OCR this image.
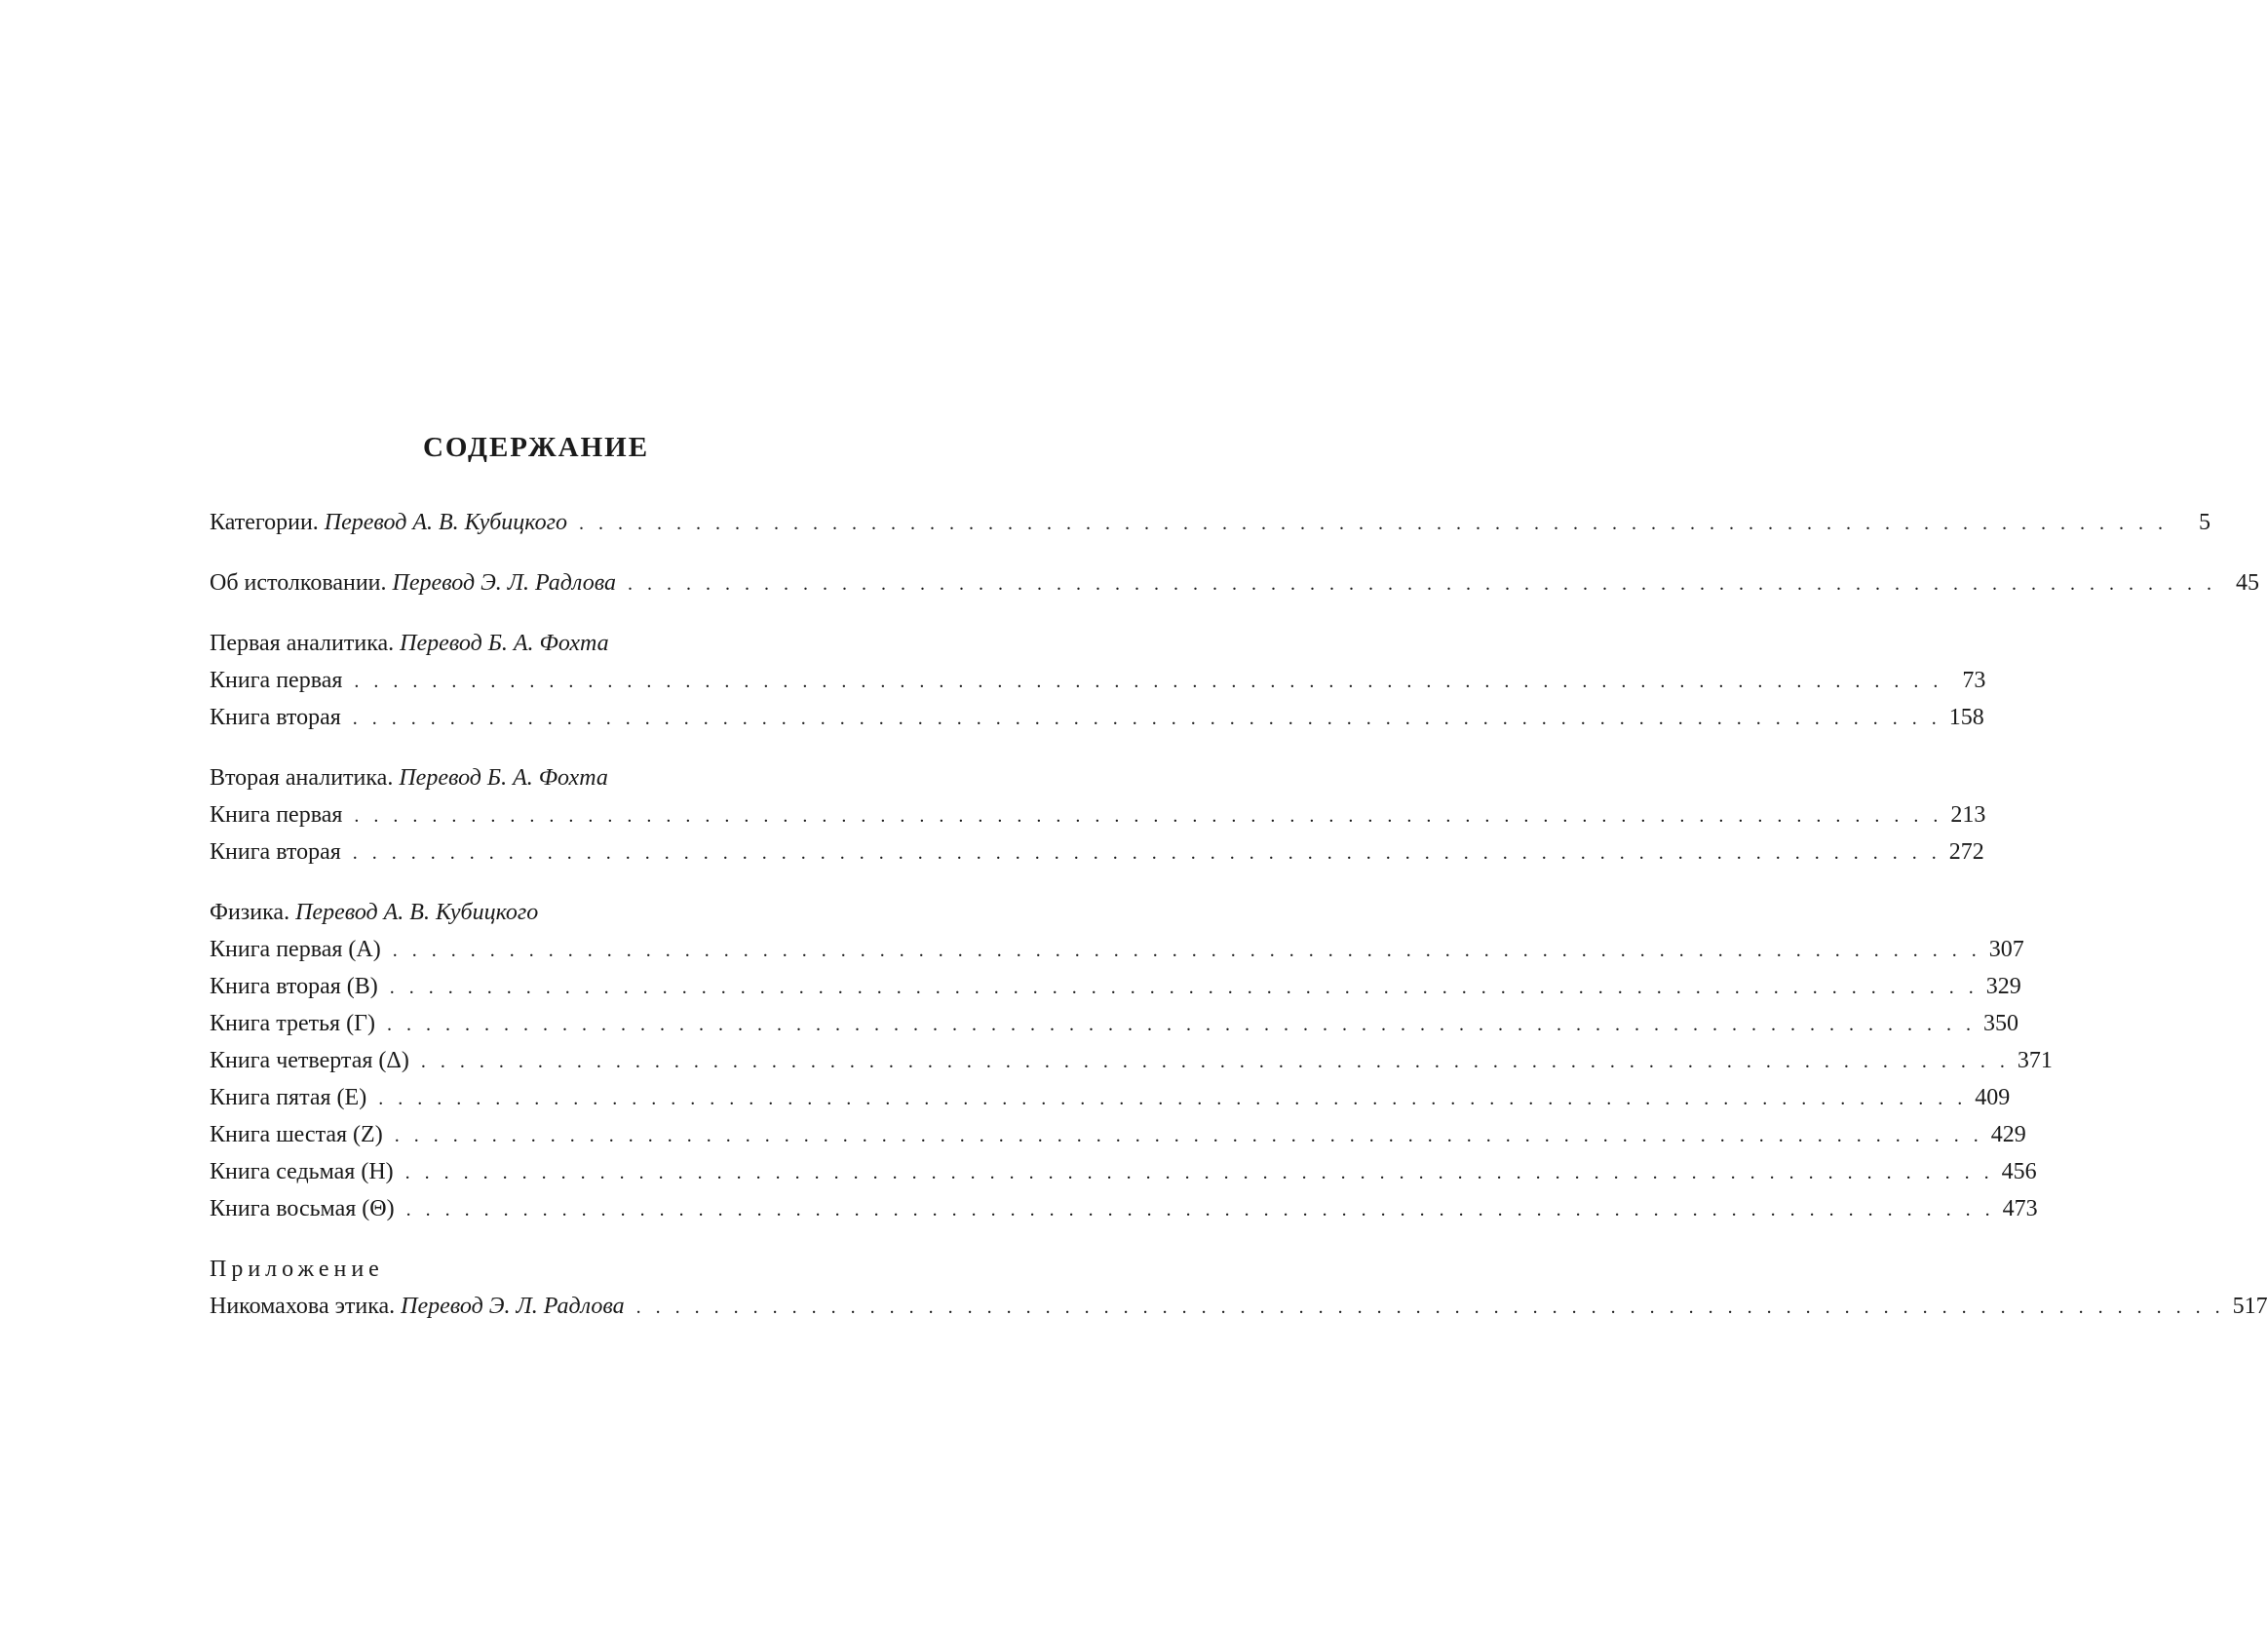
СОДЕРЖАНИЕ
Категории. Перевод А. В. Кубицкого . . . . . . . . . . . . . . . . . . . . . . . . . . . . . . . . . . . . . . . . . . . . . . . . . . . . . . . . . . . . . . . . . . . . . . . . . . . . . . . . . .	5
Об истолковании. Перевод Э. Л. Радлова . . . . . . . . . . . . . . . . . . . . . . . . . . . . . . . . . . . . . . . . . . . . . . . . . . . . . . . . . . . . . . . . . . . . . . . . . . . . . . . . . . 45
Первая аналитика. Перевод Б. А. Фохта
Книга первая . . . . . . . . . . . . . . . . . . . . . . . . . . . . . . . . . . . . . . . . . . . . . . . . . . . . . . . . . . . . . . . . . . . . . . . . . . . . . . . . . . 73
Книга вторая . . . . . . . . . . . . . . . . . . . . . . . . . . . . . . . . . . . . . . . . . . . . . . . . . . . . . . . . . . . . . . . . . . . . . . . . . . . . . . . . . . 158
Вторая аналитика. Перевод Б. А. Фохта
Книга первая . . . . . . . . . . . . . . . . . . . . . . . . . . . . . . . . . . . . . . . . . . . . . . . . . . . . . . . . . . . . . . . . . . . . . . . . . . . . . . . . . . 213
Книга вторая . . . . . . . . . . . . . . . . . . . . . . . . . . . . . . . . . . . . . . . . . . . . . . . . . . . . . . . . . . . . . . . . . . . . . . . . . . . . . . . . . . 272
Физика. Перевод А. В. Кубицкого
Книга первая (А) . . . . . . . . . . . . . . . . . . . . . . . . . . . . . . . . . . . . . . . . . . . . . . . . . . . . . . . . . . . . . . . . . . . . . . . . . . . . . . . . . . 307
Книга вторая (В) . . . . . . . . . . . . . . . . . . . . . . . . . . . . . . . . . . . . . . . . . . . . . . . . . . . . . . . . . . . . . . . . . . . . . . . . . . . . . . . . . . 329
Книга третья (Г) . . . . . . . . . . . . . . . . . . . . . . . . . . . . . . . . . . . . . . . . . . . . . . . . . . . . . . . . . . . . . . . . . . . . . . . . . . . . . . . . . . 350
Книга четвертая (Δ) . . . . . . . . . . . . . . . . . . . . . . . . . . . . . . . . . . . . . . . . . . . . . . . . . . . . . . . . . . . . . . . . . . . . . . . . . . . . . . . . . . 371
Книга пятая (Е) . . . . . . . . . . . . . . . . . . . . . . . . . . . . . . . . . . . . . . . . . . . . . . . . . . . . . . . . . . . . . . . . . . . . . . . . . . . . . . . . . . 409
Книга шестая (Z) . . . . . . . . . . . . . . . . . . . . . . . . . . . . . . . . . . . . . . . . . . . . . . . . . . . . . . . . . . . . . . . . . . . . . . . . . . . . . . . . . . 429
Книга седьмая (Н) . . . . . . . . . . . . . . . . . . . . . . . . . . . . . . . . . . . . . . . . . . . . . . . . . . . . . . . . . . . . . . . . . . . . . . . . . . . . . . . . . . 456
Книга восьмая (Θ) . . . . . . . . . . . . . . . . . . . . . . . . . . . . . . . . . . . . . . . . . . . . . . . . . . . . . . . . . . . . . . . . . . . . . . . . . . . . . . . . . . 473
Приложение
Никомахова этика. Перевод Э. Л. Радлова . . . . . . . . . . . . . . . . . . . . . . . . . . . . . . . . . . . . . . . . . . . . . . . . . . . . . . . . . . . . . . . . . . . . . . . . . . . . . . . . . . 517
